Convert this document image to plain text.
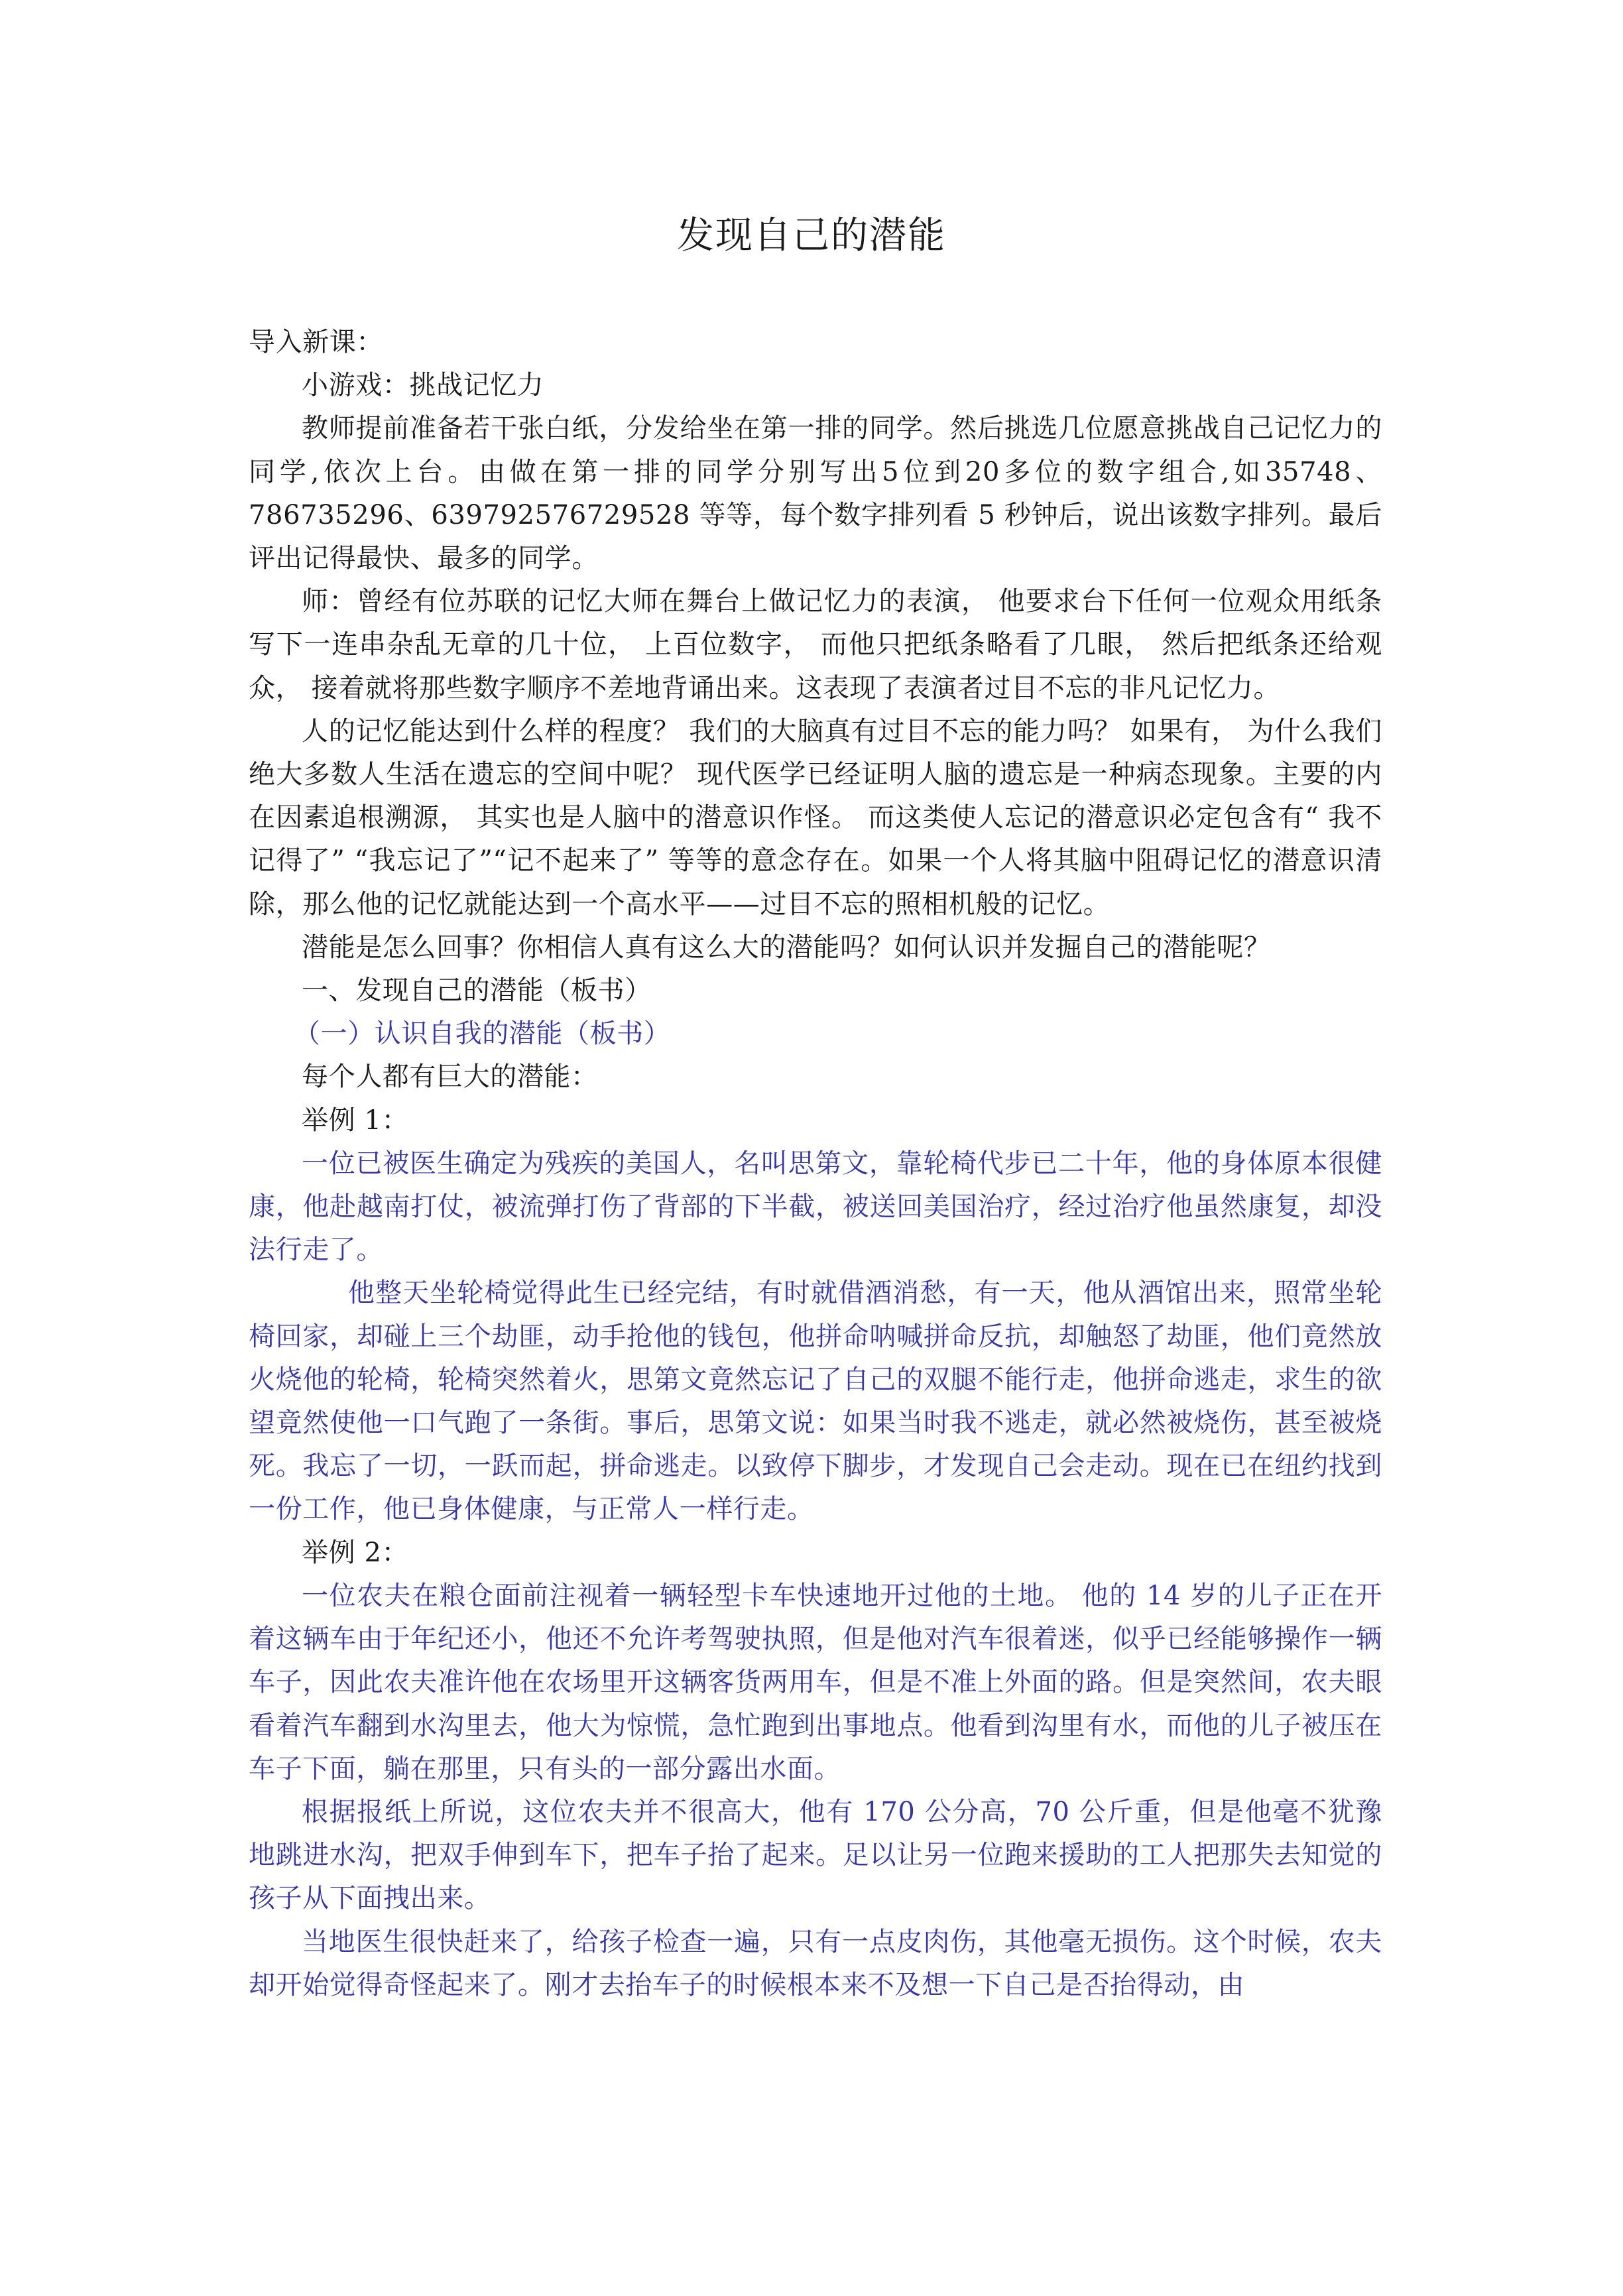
发现自己的潜能

导入新课：

小游戏：挑战记忆力

教师提前准备若干张白纸，分发给坐在第一排的同学。然后挑选几位愿意挑战自己记忆力的同学,依次上台。由做在第一排的同学分别写出5位到20多位的数字组合,如35748、786735296、639792576729528 等等，每个数字排列看 5 秒钟后，说出该数字排列。最后评出记得最快、最多的同学。

师：曾经有位苏联的记忆大师在舞台上做记忆力的表演， 他要求台下任何一位观众用纸条写下一连串杂乱无章的几十位， 上百位数字， 而他只把纸条略看了几眼， 然后把纸条还给观众， 接着就将那些数字顺序不差地背诵出来。这表现了表演者过目不忘的非凡记忆力。

人的记忆能达到什么样的程度？ 我们的大脑真有过目不忘的能力吗？ 如果有， 为什么我们绝大多数人生活在遗忘的空间中呢？ 现代医学已经证明人脑的遗忘是一种病态现象。主要的内在因素追根溯源， 其实也是人脑中的潜意识作怪。 而这类使人忘记的潜意识必定包含有“ 我不记得了” “我忘记了”“记不起来了” 等等的意念存在。如果一个人将其脑中阻碍记忆的潜意识清除，那么他的记忆就能达到一个高水平——过目不忘的照相机般的记忆。

潜能是怎么回事？你相信人真有这么大的潜能吗？如何认识并发掘自己的潜能呢？

一、发现自己的潜能（板书）

（一）认识自我的潜能（板书）

每个人都有巨大的潜能：

举例 1：

一位已被医生确定为残疾的美国人，名叫思第文，靠轮椅代步已二十年，他的身体原本很健康，他赴越南打仗，被流弹打伤了背部的下半截，被送回美国治疗，经过治疗他虽然康复，却没法行走了。

他整天坐轮椅觉得此生已经完结，有时就借酒消愁，有一天，他从酒馆出来，照常坐轮椅回家，却碰上三个劫匪，动手抢他的钱包，他拼命呐喊拼命反抗，却触怒了劫匪，他们竟然放火烧他的轮椅，轮椅突然着火，思第文竟然忘记了自己的双腿不能行走，他拼命逃走，求生的欲望竟然使他一口气跑了一条街。事后，思第文说：如果当时我不逃走，就必然被烧伤，甚至被烧死。我忘了一切，一跃而起，拼命逃走。以致停下脚步，才发现自己会走动。现在已在纽约找到一份工作，他已身体健康，与正常人一样行走。

举例 2：

一位农夫在粮仓面前注视着一辆轻型卡车快速地开过他的土地。 他的 14 岁的儿子正在开着这辆车由于年纪还小，他还不允许考驾驶执照，但是他对汽车很着迷，似乎已经能够操作一辆车子，因此农夫准许他在农场里开这辆客货两用车，但是不准上外面的路。但是突然间，农夫眼看着汽车翻到水沟里去，他大为惊慌，急忙跑到出事地点。他看到沟里有水，而他的儿子被压在车子下面，躺在那里，只有头的一部分露出水面。

根据报纸上所说，这位农夫并不很高大，他有 170 公分高，70 公斤重，但是他毫不犹豫地跳进水沟，把双手伸到车下，把车子抬了起来。足以让另一位跑来援助的工人把那失去知觉的孩子从下面拽出来。

当地医生很快赶来了，给孩子检查一遍，只有一点皮肉伤，其他毫无损伤。这个时候，农夫却开始觉得奇怪起来了。刚才去抬车子的时候根本来不及想一下自己是否抬得动，由
